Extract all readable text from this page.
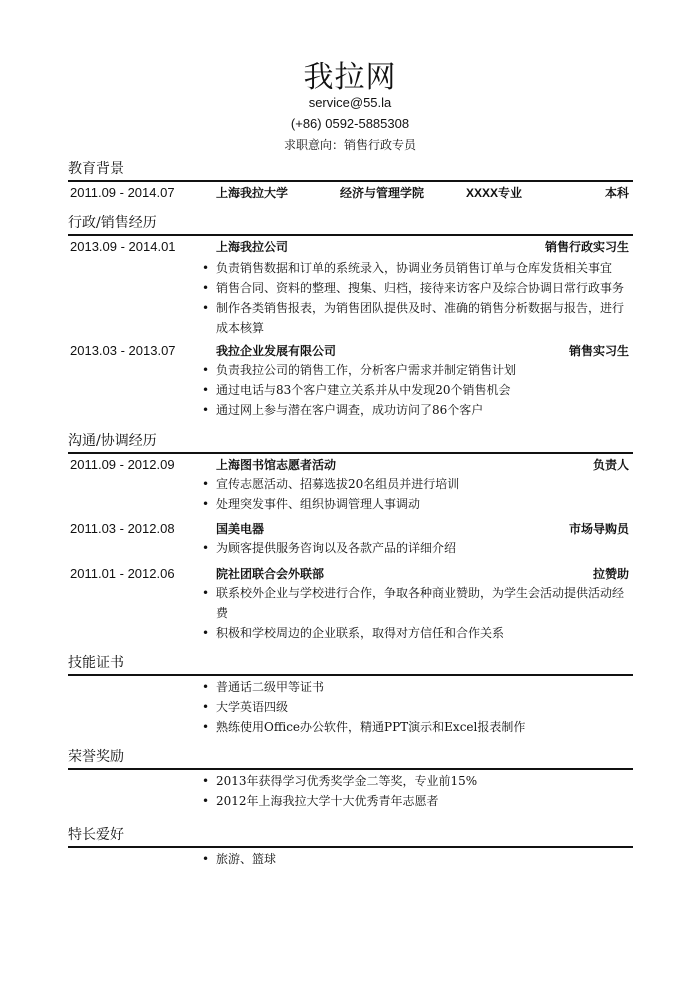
我拉网
service@55.la
(+86) 0592-5885308
求职意向：销售行政专员
教育背景
2011.09 - 2014.07	上海我拉大学	经济与管理学院	XXXX专业	本科
行政/销售经历
2013.09 - 2014.01	上海我拉公司	销售行政实习生
• 负责销售数据和订单的系统录入，协调业务员销售订单与仓库发货相关事宜
• 销售合同、资料的整理、搜集、归档，接待来访客户及综合协调日常行政事务
• 制作各类销售报表，为销售团队提供及时、准确的销售分析数据与报告，进行成本核算
2013.03 - 2013.07	我拉企业发展有限公司	销售实习生
• 负责我拉公司的销售工作，分析客户需求并制定销售计划
• 通过电话与83个客户建立关系并从中发现20个销售机会
• 通过网上参与潜在客户调查，成功访问了86个客户
沟通/协调经历
2011.09 - 2012.09	上海图书馆志愿者活动	负责人
• 宣传志愿活动、招募选拔20名组员并进行培训
• 处理突发事件、组织协调管理人事调动
2011.03 - 2012.08	国美电器	市场导购员
• 为顾客提供服务咨询以及各款产品的详细介绍
2011.01 - 2012.06	院社团联合会外联部	拉赞助
• 联系校外企业与学校进行合作，争取各种商业赞助，为学生会活动提供活动经费
• 积极和学校周边的企业联系，取得对方信任和合作关系
技能证书
• 普通话二级甲等证书
• 大学英语四级
• 熟练使用Office办公软件，精通PPT演示和Excel报表制作
荣誉奖励
• 2013年获得学习优秀奖学金二等奖，专业前15%
• 2012年上海我拉大学十大优秀青年志愿者
特长爱好
• 旅游、篮球
